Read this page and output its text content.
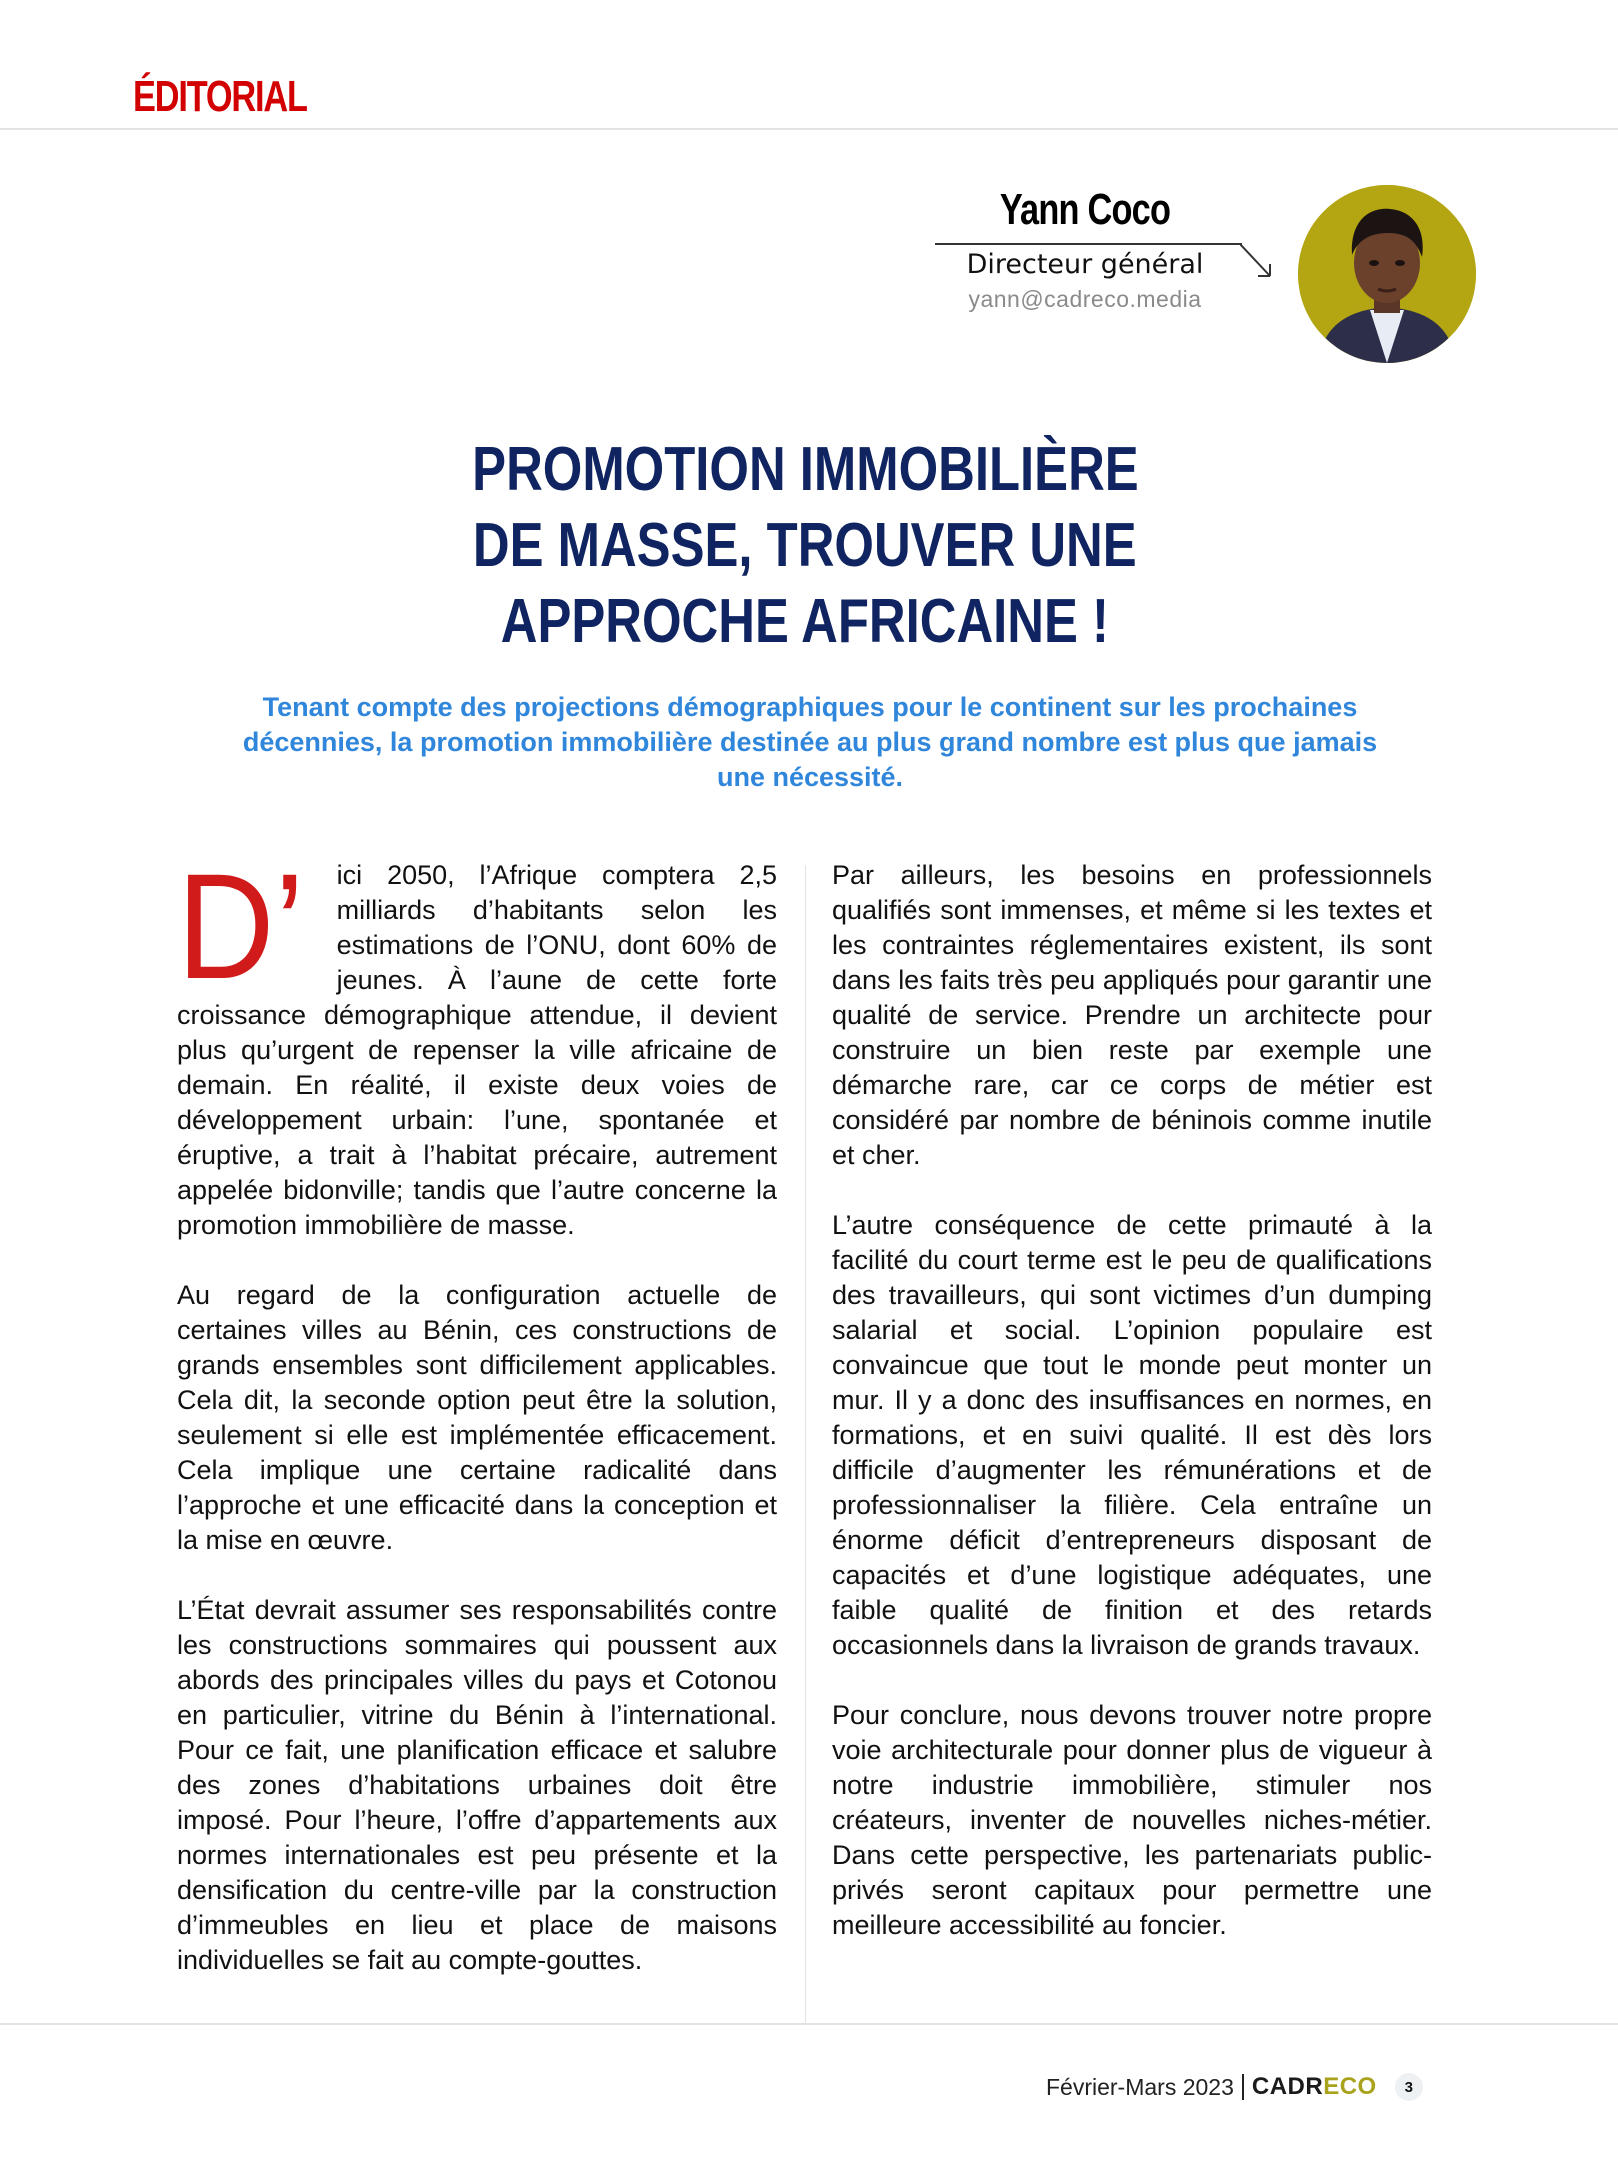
ÉDITORIAL
Yann Coco
Directeur général
yann@cadreco.media
PROMOTION IMMOBILIÈRE
DE MASSE, TROUVER UNE
APPROCHE AFRICAINE !
Tenant compte des projections démographiques pour le continent sur les prochaines décennies, la promotion immobilière destinée au plus grand nombre est plus que jamais une nécessité.

D’ ici 2050, l’Afrique comptera 2,5 milliards d’habitants selon les estimations de l’ONU, dont 60% de jeunes. À l’aune de cette forte croissance démographique attendue, il devient plus qu’urgent de repenser la ville africaine de demain. En réalité, il existe deux voies de développement urbain: l’une, spontanée et éruptive, a trait à l’habitat précaire, autrement appelée bidonville; tandis que l’autre concerne la promotion immobilière de masse.

Au regard de la configuration actuelle de certaines villes au Bénin, ces constructions de grands ensembles sont difficilement applicables. Cela dit, la seconde option peut être la solution, seulement si elle est implémentée efficacement. Cela implique une certaine radicalité dans l’approche et une efficacité dans la conception et la mise en œuvre.

L’État devrait assumer ses responsabilités contre les constructions sommaires qui poussent aux abords des principales villes du pays et Cotonou en particulier, vitrine du Bénin à l’international. Pour ce fait, une planification efficace et salubre des zones d’habitations urbaines doit être imposé. Pour l’heure, l’offre d’appartements aux normes internationales est peu présente et la densification du centre-ville par la construction d’immeubles en lieu et place de maisons individuelles se fait au compte-gouttes.

Par ailleurs, les besoins en professionnels qualifiés sont immenses, et même si les textes et les contraintes réglementaires existent, ils sont dans les faits très peu appliqués pour garantir une qualité de service. Prendre un architecte pour construire un bien reste par exemple une démarche rare, car ce corps de métier est considéré par nombre de béninois comme inutile et cher.

L’autre conséquence de cette primauté à la facilité du court terme est le peu de qualifications des travailleurs, qui sont victimes d’un dumping salarial et social. L’opinion populaire est convaincue que tout le monde peut monter un mur. Il y a donc des insuffisances en normes, en formations, et en suivi qualité. Il est dès lors difficile d’augmenter les rémunérations et de professionnaliser la filière. Cela entraîne un énorme déficit d’entrepreneurs disposant de capacités et d’une logistique adéquates, une faible qualité de finition et des retards occasionnels dans la livraison de grands travaux.

Pour conclure, nous devons trouver notre propre voie architecturale pour donner plus de vigueur à notre industrie immobilière, stimuler nos créateurs, inventer de nouvelles niches-métier. Dans cette perspective, les partenariats public-privés seront capitaux pour permettre une meilleure accessibilité au foncier.

Février-Mars 2023 CADRECO	3
